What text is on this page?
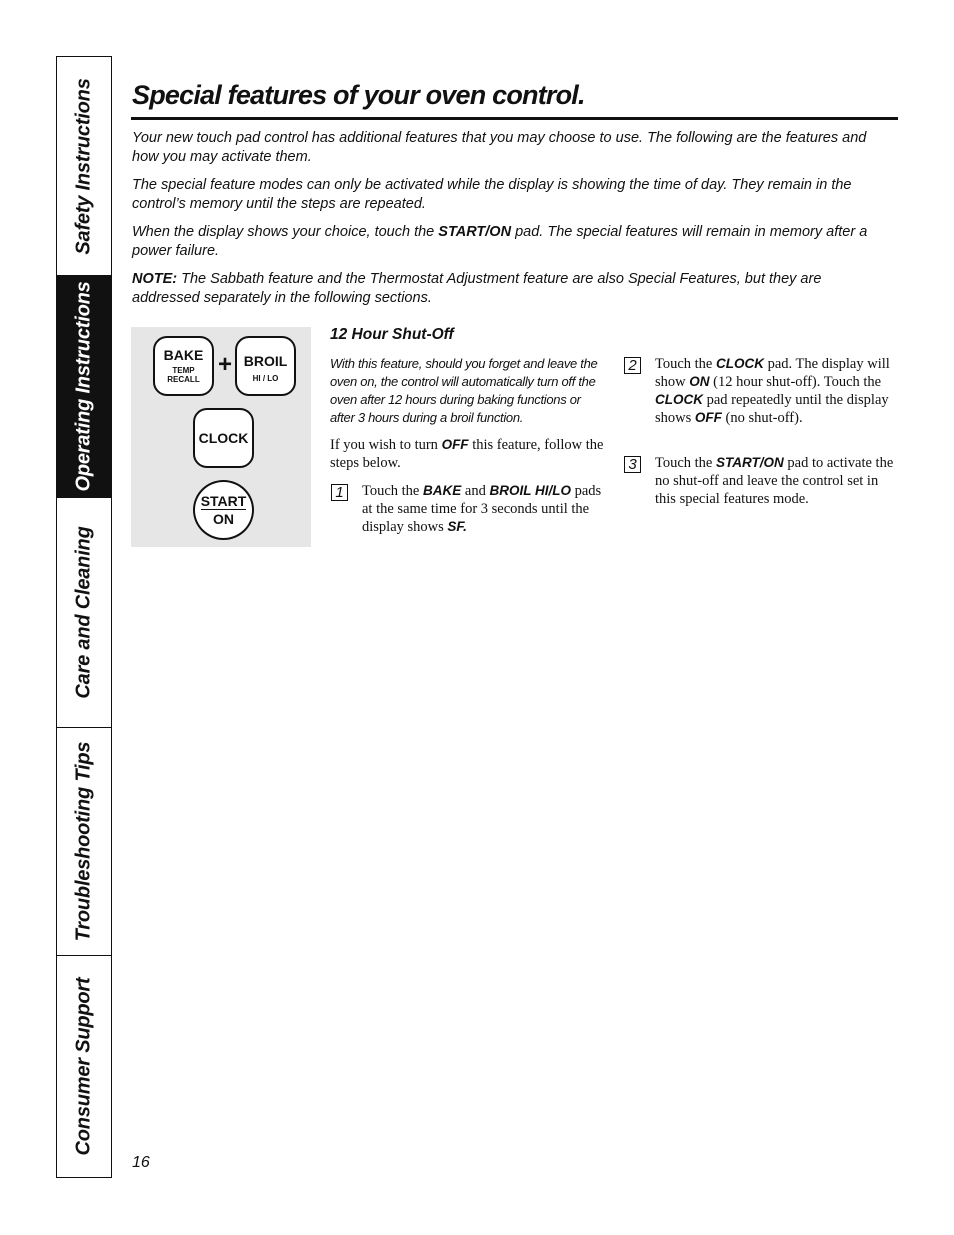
Safety Instructions
Operating Instructions
Care and Cleaning
Troubleshooting Tips
Consumer Support
Special features of your oven control.

Your new touch pad control has additional features that you may choose to use. The following are the features and how you may activate them.

The special feature modes can only be activated while the display is showing the time of day. They remain in the control’s memory until the steps are repeated.

When the display shows your choice, touch the START/ON pad. The special features will remain in memory after a power failure.

NOTE: The Sabbath feature and the Thermostat Adjustment feature are also Special Features, but they are addressed separately in the following sections.

BAKE
TEMP
RECALL
+ BROIL
HI / LO
CLOCK
START
ON
12 Hour Shut-Off
With this feature, should you forget and leave the oven on, the control will automatically turn off the oven after 12 hours during baking functions or after 3 hours during a broil function.
If you wish to turn OFF this feature, follow the steps below.
1 Touch the BAKE and BROIL HI/LO pads at the same time for 3 seconds until the display shows SF.
2 Touch the CLOCK pad. The display will show ON (12 hour shut-off). Touch the CLOCK pad repeatedly until the display shows OFF (no shut-off).
3 Touch the START/ON pad to activate the no shut-off and leave the control set in this special features mode.
16
